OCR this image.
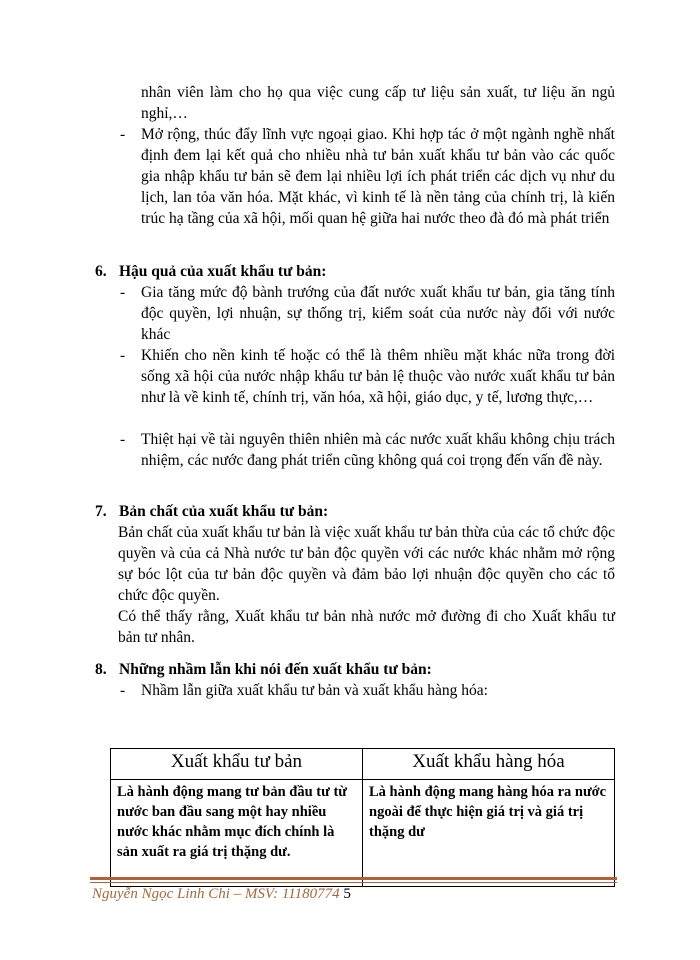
nhân viên làm cho họ qua việc cung cấp tư liệu sản xuất, tư liệu ăn ngủ nghỉ,…
- Mở rộng, thúc đẩy lĩnh vực ngoại giao. Khi hợp tác ở một ngành nghề nhất định đem lại kết quả cho nhiều nhà tư bản xuất khẩu tư bản vào các quốc gia nhập khẩu tư bản sẽ đem lại nhiều lợi ích phát triển các dịch vụ như du lịch, lan tỏa văn hóa. Mặt khác, vì kinh tế là nền tảng của chính trị, là kiến trúc hạ tầng của xã hội, mối quan hệ giữa hai nước theo đà đó mà phát triển
6. Hậu quả của xuất khẩu tư bản:
- Gia tăng mức độ bành trướng của đất nước xuất khẩu tư bản, gia tăng tính độc quyền, lợi nhuận, sự thống trị, kiểm soát của nước này đối với nước khác
- Khiến cho nền kinh tế hoặc có thể là thêm nhiều mặt khác nữa trong đời sống xã hội của nước nhập khẩu tư bản lệ thuộc vào nước xuất khẩu tư bản như là về kinh tế, chính trị, văn hóa, xã hội, giáo dục, y tế, lương thực,…
- Thiệt hại về tài nguyên thiên nhiên mà các nước xuất khẩu không chịu trách nhiệm, các nước đang phát triển cũng không quá coi trọng đến vấn đề này.
7. Bản chất của xuất khẩu tư bản:
Bản chất của xuất khẩu tư bản là việc xuất khẩu tư bản thừa của các tổ chức độc quyền và của cả Nhà nước tư bản độc quyền với các nước khác nhằm mở rộng sự bóc lột của tư bản độc quyền và đảm bảo lợi nhuận độc quyền cho các tổ chức độc quyền.
Có thể thấy rằng, Xuất khẩu tư bản nhà nước mở đường đi cho Xuất khẩu tư bản tư nhân.
8. Những nhầm lẫn khi nói đến xuất khẩu tư bản:
- Nhầm lẫn giữa xuất khẩu tư bản và xuất khẩu hàng hóa:
Xuất khẩu tư bản	Xuất khẩu hàng hóa
Là hành động mang tư bản đầu tư từ nước ban đầu sang một hay nhiều nước khác nhằm mục đích chính là sản xuất ra giá trị thặng dư.	Là hành động mang hàng hóa ra nước ngoài để thực hiện giá trị và giá trị thặng dư
Nguyễn Ngọc Linh Chi – MSV: 11180774 5
